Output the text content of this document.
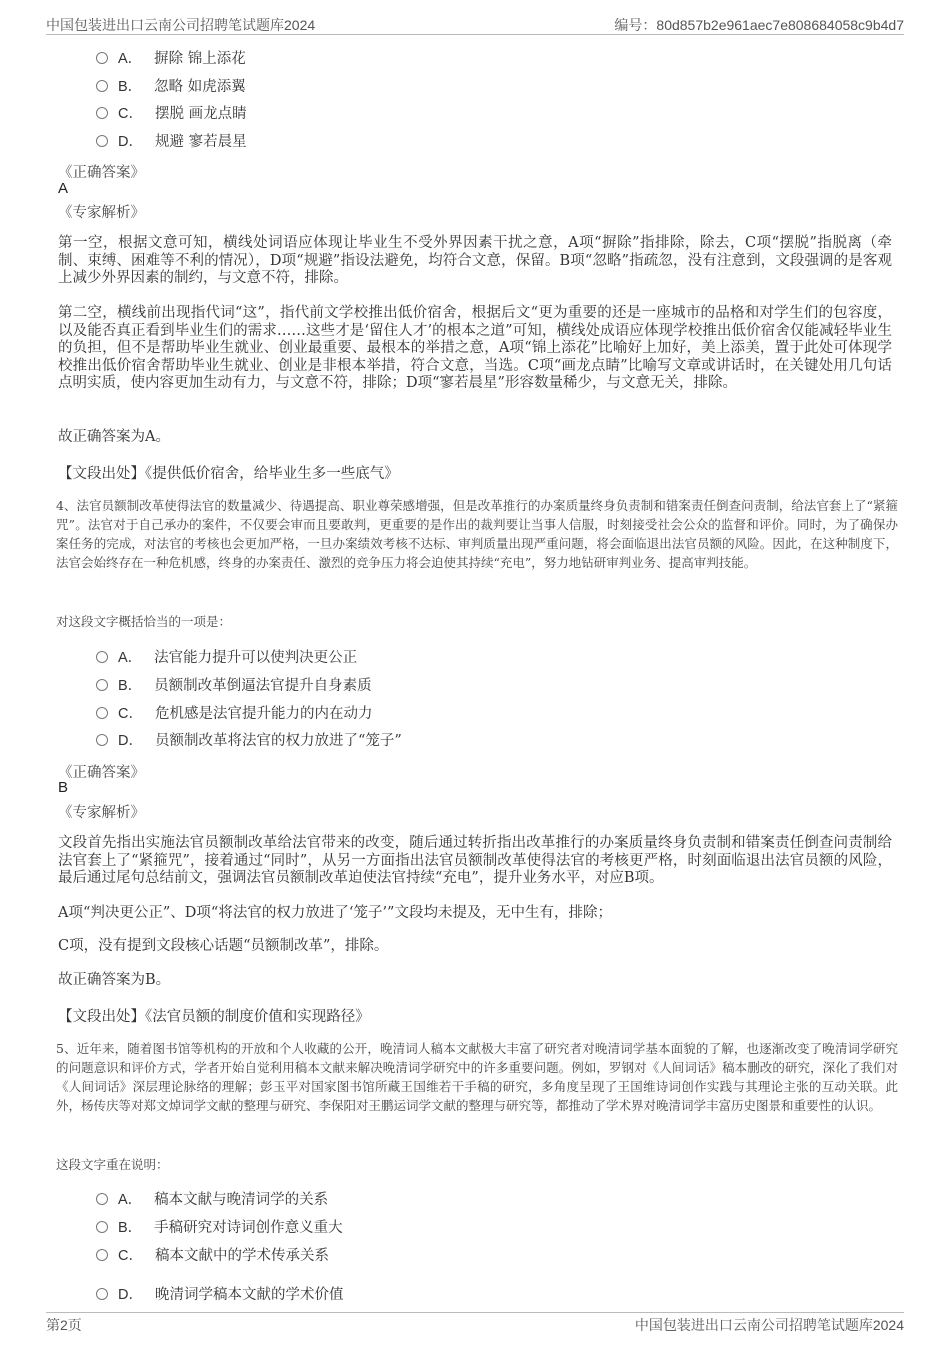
中国包装进出口云南公司招聘笔试题库2024	编号：80d857b2e961aec7e808684058c9b4d7
A． 摒除 锦上添花
B． 忽略 如虎添翼
C． 摆脱 画龙点睛
D． 规避 寥若晨星
《正确答案》
A
《专家解析》
第一空，根据文意可知，横线处词语应体现让毕业生不受外界因素干扰之意，A项“摒除”指排除，除去，C项“摆脱”指脱离（牵制、束缚、困难等不利的情况），D项“规避”指设法避免，均符合文意，保留。B项“忽略”指疏忽，没有注意到，文段强调的是客观上减少外界因素的制约，与文意不符，排除。
第二空，横线前出现指代词“这”，指代前文学校推出低价宿舍，根据后文“更为重要的还是一座城市的品格和对学生们的包容度，以及能否真正看到毕业生们的需求……这些才是‘留住人才’的根本之道”可知，横线处成语应体现学校推出低价宿舍仅能减轻毕业生的负担，但不是帮助毕业生就业、创业最重要、最根本的举措之意，A项“锦上添花”比喻好上加好，美上添美，置于此处可体现学校推出低价宿舍帮助毕业生就业、创业是非根本举措，符合文意，当选。C项“画龙点睛”比喻写文章或讲话时，在关键处用几句话点明实质，使内容更加生动有力，与文意不符，排除；D项“寥若晨星”形容数量稀少，与文意无关，排除。
故正确答案为A。
【文段出处】《提供低价宿舍，给毕业生多一些底气》
4、法官员额制改革使得法官的数量减少、待遇提高、职业尊荣感增强，但是改革推行的办案质量终身负责制和错案责任倒查问责制，给法官套上了“紧箍咒”。法官对于自己承办的案件，不仅要会审而且要敢判，更重要的是作出的裁判要让当事人信服，时刻接受社会公众的监督和评价。同时，为了确保办案任务的完成，对法官的考核也会更加严格，一旦办案绩效考核不达标、审判质量出现严重问题，将会面临退出法官员额的风险。因此，在这种制度下，法官会始终存在一种危机感，终身的办案责任、激烈的竞争压力将会迫使其持续“充电”，努力地钻研审判业务、提高审判技能。
对这段文字概括恰当的一项是：
A． 法官能力提升可以使判决更公正
B． 员额制改革倒逼法官提升自身素质
C． 危机感是法官提升能力的内在动力
D． 员额制改革将法官的权力放进了“笼子”
《正确答案》
B
《专家解析》
文段首先指出实施法官员额制改革给法官带来的改变，随后通过转折指出改革推行的办案质量终身负责制和错案责任倒查问责制给法官套上了“紧箍咒”，接着通过“同时”，从另一方面指出法官员额制改革使得法官的考核更严格，时刻面临退出法官员额的风险，最后通过尾句总结前文，强调法官员额制改革迫使法官持续“充电”，提升业务水平，对应B项。
A项“判决更公正”、D项“将法官的权力放进了‘笼子’”文段均未提及，无中生有，排除；
C项，没有提到文段核心话题“员额制改革”，排除。
故正确答案为B。
【文段出处】《法官员额的制度价值和实现路径》
5、近年来，随着图书馆等机构的开放和个人收藏的公开，晚清词人稿本文献极大丰富了研究者对晚清词学基本面貌的了解，也逐渐改变了晚清词学研究的问题意识和评价方式，学者开始自觉利用稿本文献来解决晚清词学研究中的许多重要问题。例如，罗钢对《人间词话》稿本删改的研究，深化了我们对《人间词话》深层理论脉络的理解；彭玉平对国家图书馆所藏王国维若干手稿的研究，多角度呈现了王国维诗词创作实践与其理论主张的互动关联。此外，杨传庆等对郑文焯词学文献的整理与研究、李保阳对王鹏运词学文献的整理与研究等，都推动了学术界对晚清词学丰富历史图景和重要性的认识。
这段文字重在说明：
A． 稿本文献与晚清词学的关系
B． 手稿研究对诗词创作意义重大
C． 稿本文献中的学术传承关系
D． 晚清词学稿本文献的学术价值
第2页	中国包装进出口云南公司招聘笔试题库2024
